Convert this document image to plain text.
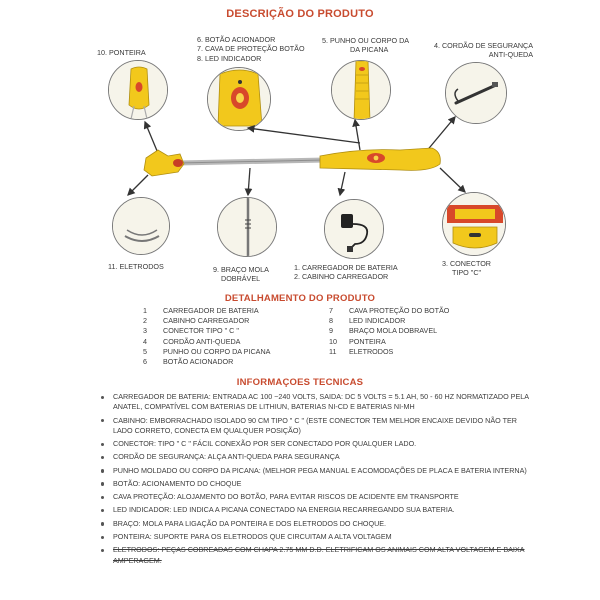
DESCRIÇÃO DO PRODUTO
10. PONTEIRA
6. BOTÃO ACIONADOR
7. CAVA DE PROTEÇÃO BOTÃO
8. LED INDICADOR
5. PUNHO OU CORPO DA
DA PICANA	4. CORDÃO DE SEGURANÇA
ANTI-QUEDA
11. ELETRODOS	9. BRAÇO MOLA
DOBRÁVEL
1. CARREGADOR DE BATERIA
2. CABINHO CARREGADOR
3. CONECTOR
TIPO "C"
DETALHAMENTO DO PRODUTO
1	CARREGADOR DE BATERIA
2	CABINHO CARREGADOR
3	CONECTOR TIPO " C "
4	CORDÃO ANTI-QUEDA
5	PUNHO OU CORPO DA PICANA
6	BOTÃO ACIONADOR
7	CAVA PROTEÇÃO DO BOTÃO
8	LED INDICADOR
9	BRAÇO MOLA DOBRAVEL
10	PONTEIRA
11	ELETRODOS
INFORMAÇOES TECNICAS
CARREGADOR DE BATERIA: ENTRADA AC 100 ~240 VOLTS, SAIDA: DC 5 VOLTS = 5.1 AH, 50 - 60 HZ NORMATIZADO PELA ANATEL, COMPATÍVEL COM BATERIAS DE LITHIUN, BATERIAS NI-CD E BATERIAS NI-MH
CABINHO: EMBORRACHADO ISOLADO 90 CM TIPO " C " (ESTE CONECTOR TEM MELHOR ENCAIXE DEVIDO NÃO TER LADO CORRETO, CONECTA EM QUALQUER POSIÇÃO)
CONECTOR: TIPO " C " FÁCIL CONEXÃO POR SER CONECTADO POR QUALQUER LADO.
CORDÃO DE SEGURANÇA: ALÇA ANTI-QUEDA PARA SEGURANÇA
PUNHO MOLDADO OU CORPO DA PICANA: (MELHOR PEGA MANUAL E ACOMODAÇÕES DE PLACA E BATERIA INTERNA)
BOTÃO: ACIONAMENTO DO CHOQUE
CAVA PROTEÇÃO: ALOJAMENTO DO BOTÃO, PARA EVITAR RISCOS DE ACIDENTE EM TRANSPORTE
LED INDICADOR: LED INDICA A PICANA CONECTADO NA ENERGIA RECARREGANDO SUA BATERIA.
BRAÇO: MOLA PARA LIGAÇÃO DA PONTEIRA E DOS ELETRODOS DO CHOQUE.
PONTEIRA: SUPORTE PARA OS ELETRODOS QUE CIRCUITAM A ALTA VOLTAGEM
ELETRODOS: PEÇAS COBREADAS COM CHAPA 2.75 MM D.D. ELETRIFICAM OS ANIMAIS COM ALTA VOLTAGEM E BAIXA AMPERAGEM.
